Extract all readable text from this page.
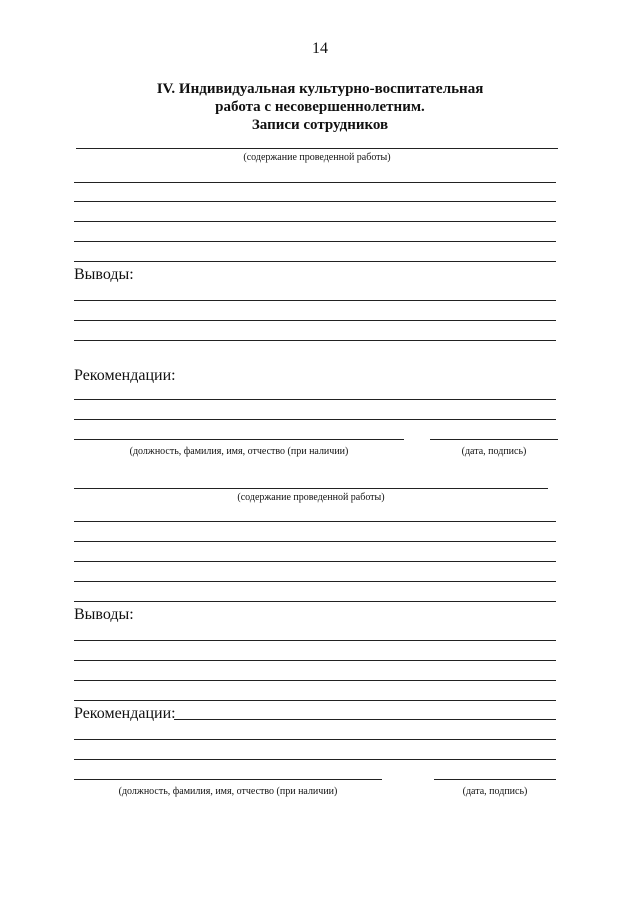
14
IV. Индивидуальная культурно-воспитательная
работа с несовершеннолетним.
Записи сотрудников
(содержание проведенной работы)
Выводы:
Рекомендации:
(должность, фамилия, имя, отчество (при наличии)	(дата, подпись)
(содержание проведенной работы)
Выводы:
Рекомендации:
(должность, фамилия, имя, отчество (при наличии)	(дата, подпись)
